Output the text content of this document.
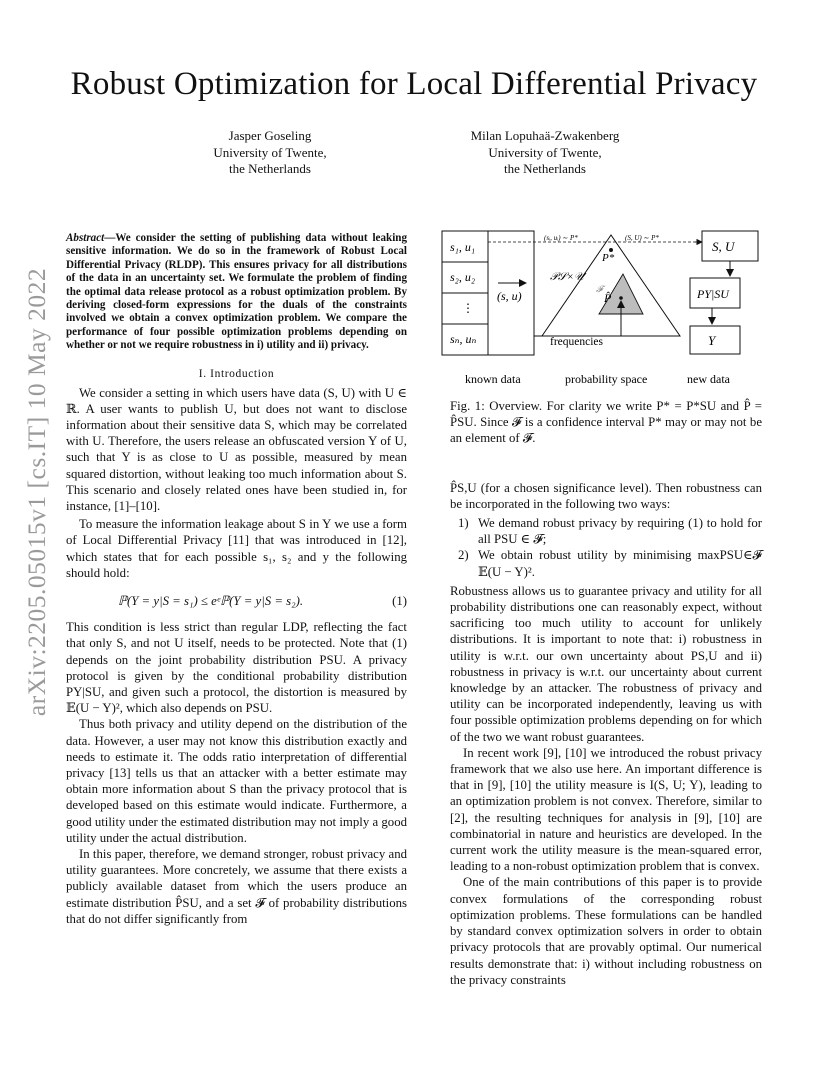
arXiv:2205.05015v1 [cs.IT] 10 May 2022
Robust Optimization for Local Differential Privacy
Jasper Goseling
University of Twente,
the Netherlands
Milan Lopuhaä-Zwakenberg
University of Twente,
the Netherlands
Abstract—We consider the setting of publishing data without leaking sensitive information. We do so in the framework of Robust Local Differential Privacy (RLDP). This ensures privacy for all distributions of the data in an uncertainty set. We formulate the problem of finding the optimal data release protocol as a robust optimization problem. By deriving closed-form expressions for the duals of the constraints involved we obtain a convex optimization problem. We compare the performance of four possible optimization problems depending on whether or not we require robustness in i) utility and ii) privacy.
I. Introduction

We consider a setting in which users have data (S, U) with U ∈ ℝ. A user wants to publish U, but does not want to disclose information about their sensitive data S, which may be correlated with U. Therefore, the users release an obfuscated version Y of U, such that Y is as close to U as possible, measured by mean squared distortion, without leaking too much information about S. This scenario and closely related ones have been studied in, for instance, [1]–[10].

To measure the information leakage about S in Y we use a form of Local Differential Privacy [11] that was introduced in [12], which states that for each possible s₁, s₂ and y the following should hold:

ℙ(Y = y|S = s₁) ≤ eᵉℙ(Y = y|S = s₂).	(1)

This condition is less strict than regular LDP, reflecting the fact that only S, and not U itself, needs to be protected. Note that (1) depends on the joint probability distribution PSU. A privacy protocol is given by the conditional probability distribution PY|SU, and given such a protocol, the distortion is measured by 𝔼(U − Y)², which also depends on PSU.

Thus both privacy and utility depend on the distribution of the data. However, a user may not know this distribution exactly and needs to estimate it. The odds ratio interpretation of differential privacy [13] tells us that an attacker with a better estimate may obtain more information about S than the privacy protocol that is developed based on this estimate would indicate. Furthermore, a good utility under the estimated distribution may not imply a good utility under the actual distribution.

In this paper, therefore, we demand stronger, robust privacy and utility guarantees. More concretely, we assume that there exists a publicly available dataset from which the users produce an estimate distribution P̂SU, and a set 𝓕 of probability distributions that do not differ significantly from

s₁, u₁
s₂, u₂
⋮
sₙ, uₙ
(s, u)
(sᵢ, uᵢ) ∼ P*	(S, U) ∼ P*
P*
𝒫𝒮×𝒰
𝓕
P̂
frequencies
S, U
PY|SU
Y
known data	probability space	new data

Fig. 1: Overview. For clarity we write P* = P*SU and P̂ = P̂SU. Since 𝓕 is a confidence interval P* may or may not be an element of 𝓕.

P̂S,U (for a chosen significance level). Then robustness can be incorporated in the following two ways:

1) We demand robust privacy by requiring (1) to hold for all PSU ∈ 𝓕;
2) We obtain robust utility by minimising maxPSU∈𝓕 𝔼(U − Y)².

Robustness allows us to guarantee privacy and utility for all probability distributions one can reasonably expect, without sacrificing too much utility to account for unlikely distributions. It is important to note that: i) robustness in utility is w.r.t. our own uncertainty about PS,U and ii) robustness in privacy is w.r.t. our uncertainty about current knowledge by an attacker. The robustness of privacy and utility can be incorporated independently, leaving us with four possible optimization problems depending on for which of the two we want robust guarantees.

In recent work [9], [10] we introduced the robust privacy framework that we also use here. An important difference is that in [9], [10] the utility measure is I(S, U; Y), leading to an optimization problem is not convex. Therefore, similar to [2], the resulting techniques for analysis in [9], [10] are combinatorial in nature and heuristics are developed. In the current work the utility measure is the mean-squared error, leading to a non-robust optimization problem that is convex.

One of the main contributions of this paper is to provide convex formulations of the corresponding robust optimization problems. These formulations can be handled by standard convex optimization solvers in order to obtain privacy protocols that are provably optimal. Our numerical results demonstrate that: i) without including robustness on the privacy constraints
